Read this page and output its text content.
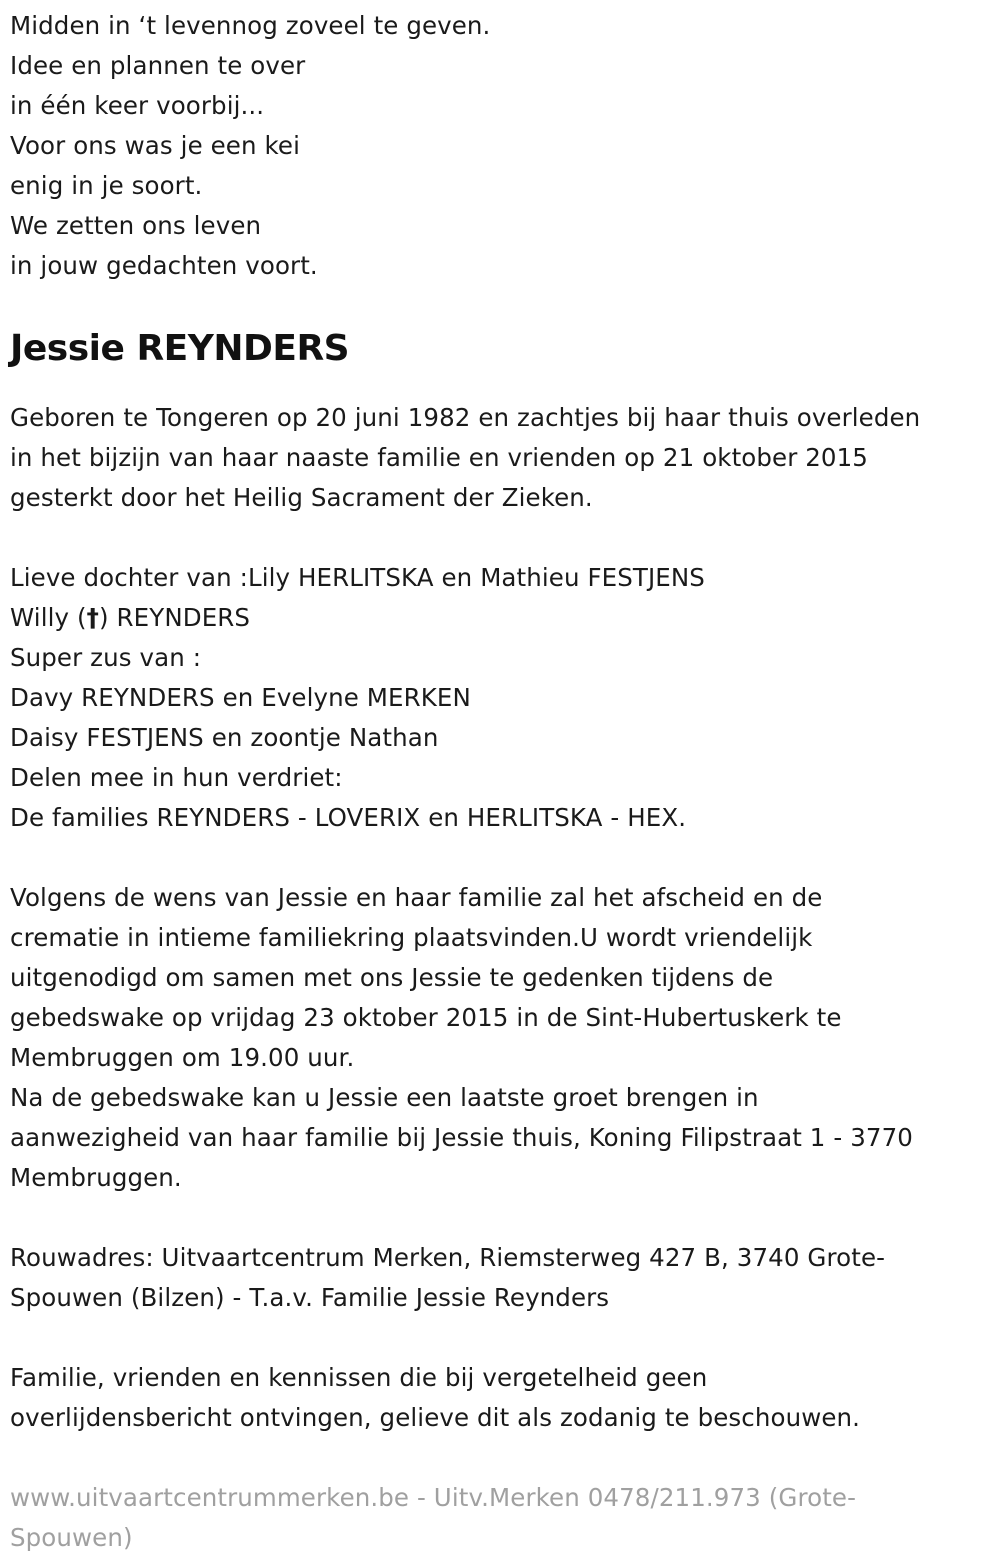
Midden in ‘t levennog zoveel te geven.

Idee en plannen te over

in één keer voorbij...

Voor ons was je een kei

enig in je soort.

We zetten ons leven

in jouw gedachten voort.

Jessie REYNDERS

Geboren te Tongeren op 20 juni 1982 en zachtjes bij haar thuis overleden

in het bijzijn van haar naaste familie en vrienden op 21 oktober 2015

gesterkt door het Heilig Sacrament der Zieken.

Lieve dochter van :Lily HERLITSKA en Mathieu FESTJENS

Willy (†) REYNDERS

Super zus van :

Davy REYNDERS en Evelyne MERKEN

Daisy FESTJENS en zoontje Nathan

Delen mee in hun verdriet:

De families REYNDERS - LOVERIX en HERLITSKA - HEX.

Volgens de wens van Jessie en haar familie zal het afscheid en de

crematie in intieme familiekring plaatsvinden.U wordt vriendelijk

uitgenodigd om samen met ons Jessie te gedenken tijdens de

gebedswake op vrijdag 23 oktober 2015 in de Sint-Hubertuskerk te

Membruggen om 19.00 uur.

Na de gebedswake kan u Jessie een laatste groet brengen in

aanwezigheid van haar familie bij Jessie thuis, Koning Filipstraat 1 - 3770

Membruggen.

Rouwadres: Uitvaartcentrum Merken, Riemsterweg 427 B, 3740 Grote-

Spouwen (Bilzen) - T.a.v. Familie Jessie Reynders

Familie, vrienden en kennissen die bij vergetelheid geen

overlijdensbericht ontvingen, gelieve dit als zodanig te beschouwen.

www.uitvaartcentrummerken.be - Uitv.Merken 0478/211.973 (Grote-

Spouwen)
